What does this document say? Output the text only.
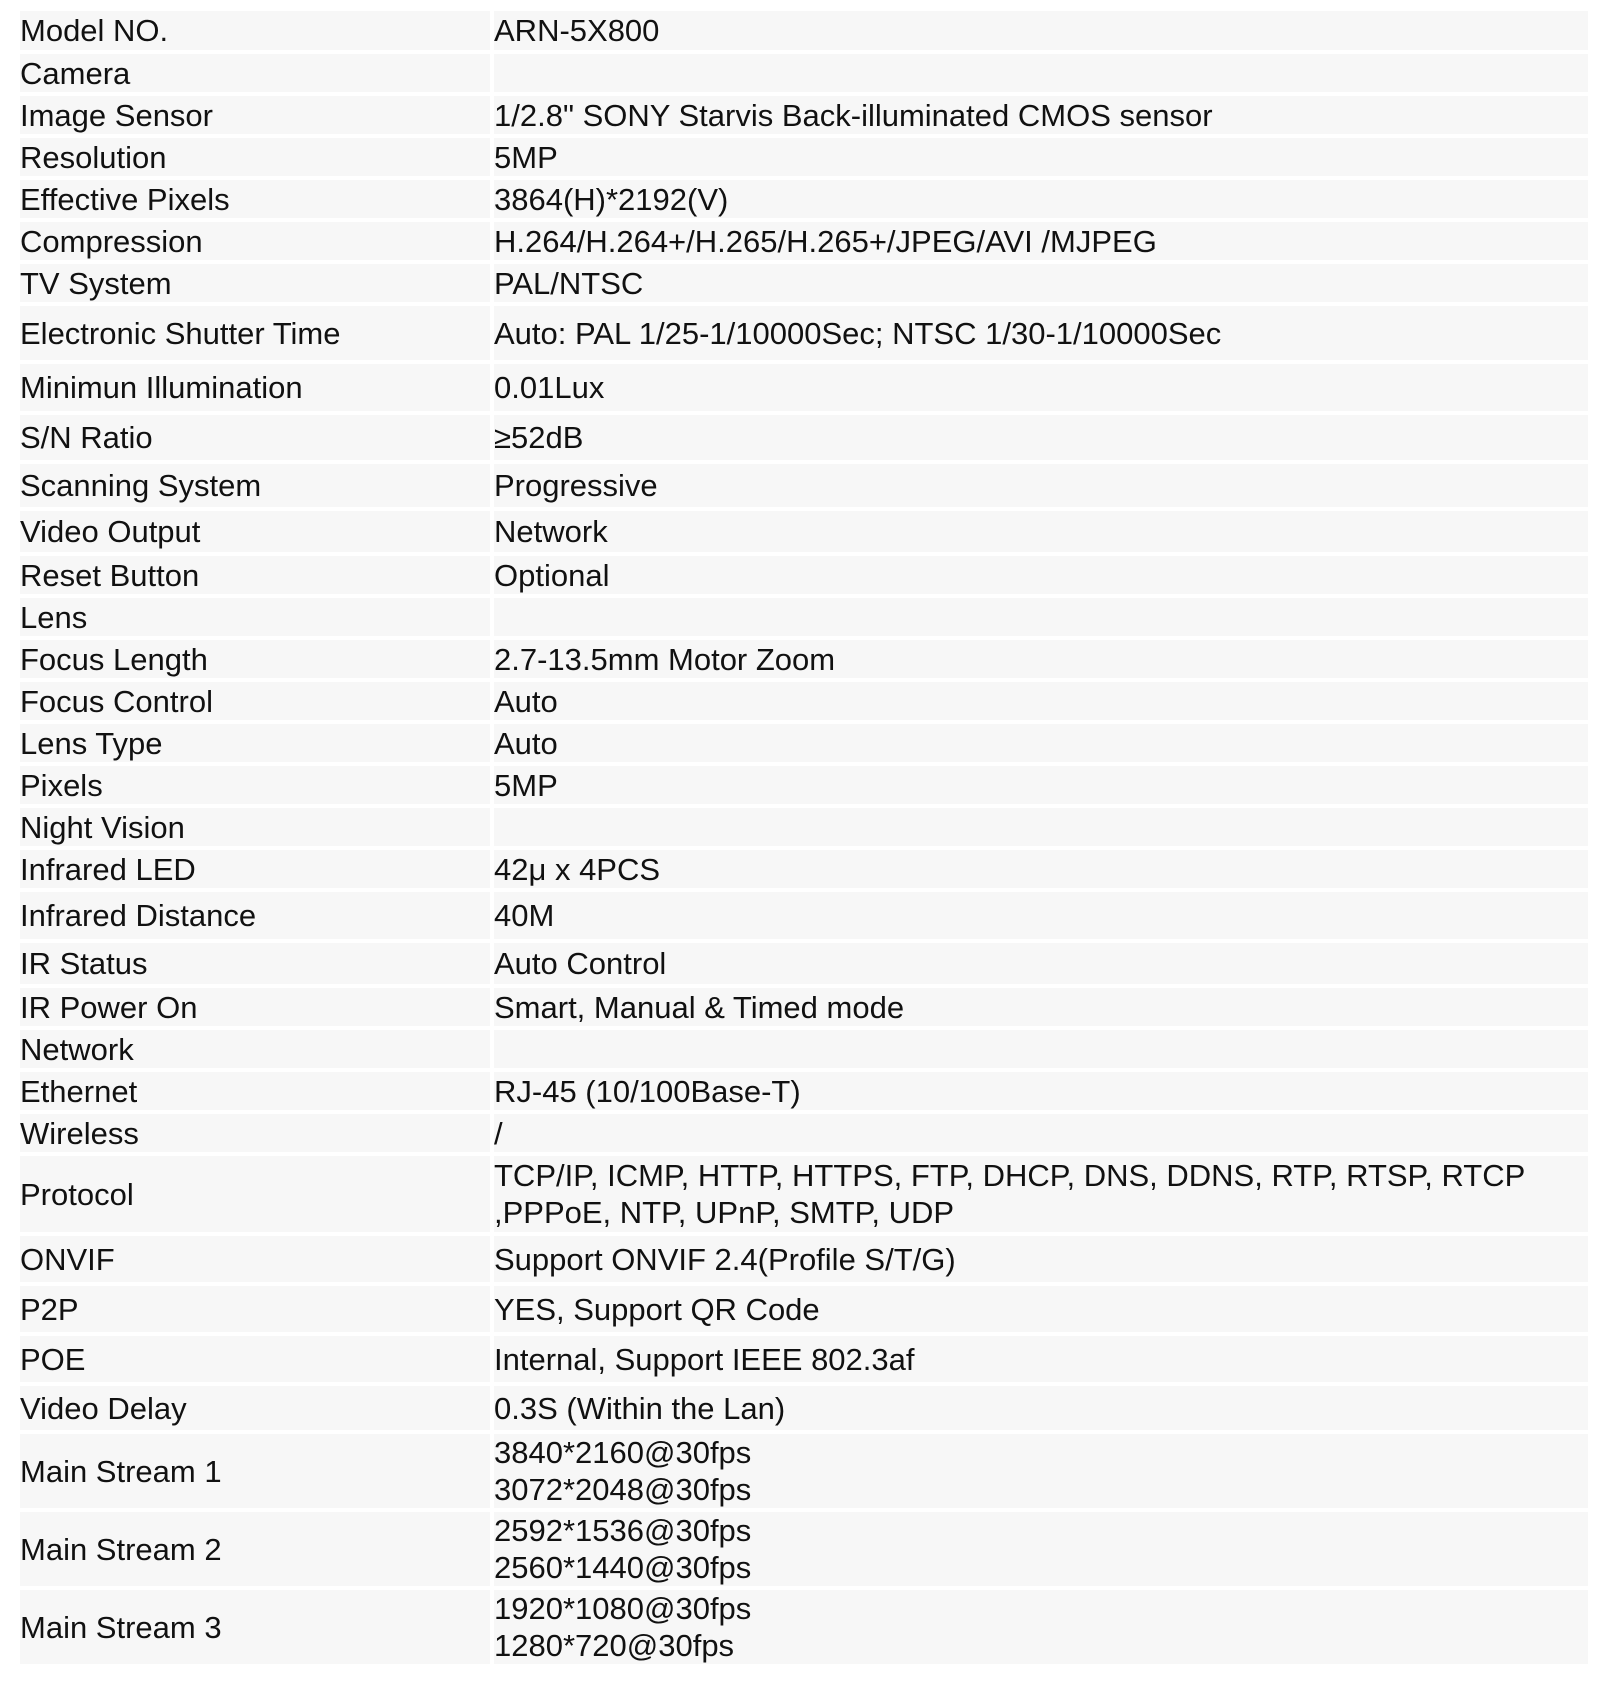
Model NO.	ARN-5X800
Camera	
Image Sensor	1/2.8" SONY Starvis Back-illuminated CMOS sensor
Resolution	5MP
Effective Pixels	3864(H)*2192(V)
Compression	H.264/H.264+/H.265/H.265+/JPEG/AVI /MJPEG
TV System	PAL/NTSC
Electronic Shutter Time	Auto: PAL 1/25-1/10000Sec; NTSC 1/30-1/10000Sec
Minimun Illumination	0.01Lux
S/N Ratio	≥52dB
Scanning System	Progressive
Video Output	Network
Reset Button	Optional
Lens	
Focus Length	2.7-13.5mm Motor Zoom
Focus Control	Auto
Lens Type	Auto
Pixels	5MP
Night Vision	
Infrared LED	42μ x 4PCS
Infrared Distance	40M
IR Status	Auto Control
IR Power On	Smart, Manual & Timed mode
Network	
Ethernet	RJ-45 (10/100Base-T)
Wireless	/
Protocol	TCP/IP, ICMP, HTTP, HTTPS, FTP, DHCP, DNS, DDNS, RTP, RTSP, RTCP
,PPPoE, NTP, UPnP, SMTP, UDP

ONVIF	Support ONVIF 2.4(Profile S/T/G)
P2P	YES, Support QR Code
POE	Internal, Support IEEE 802.3af
Video Delay	0.3S (Within the Lan)
Main Stream 1	3840*2160@30fps
3072*2048@30fps

Main Stream 2	2592*1536@30fps
2560*1440@30fps

Main Stream 3	1920*1080@30fps
1280*720@30fps
